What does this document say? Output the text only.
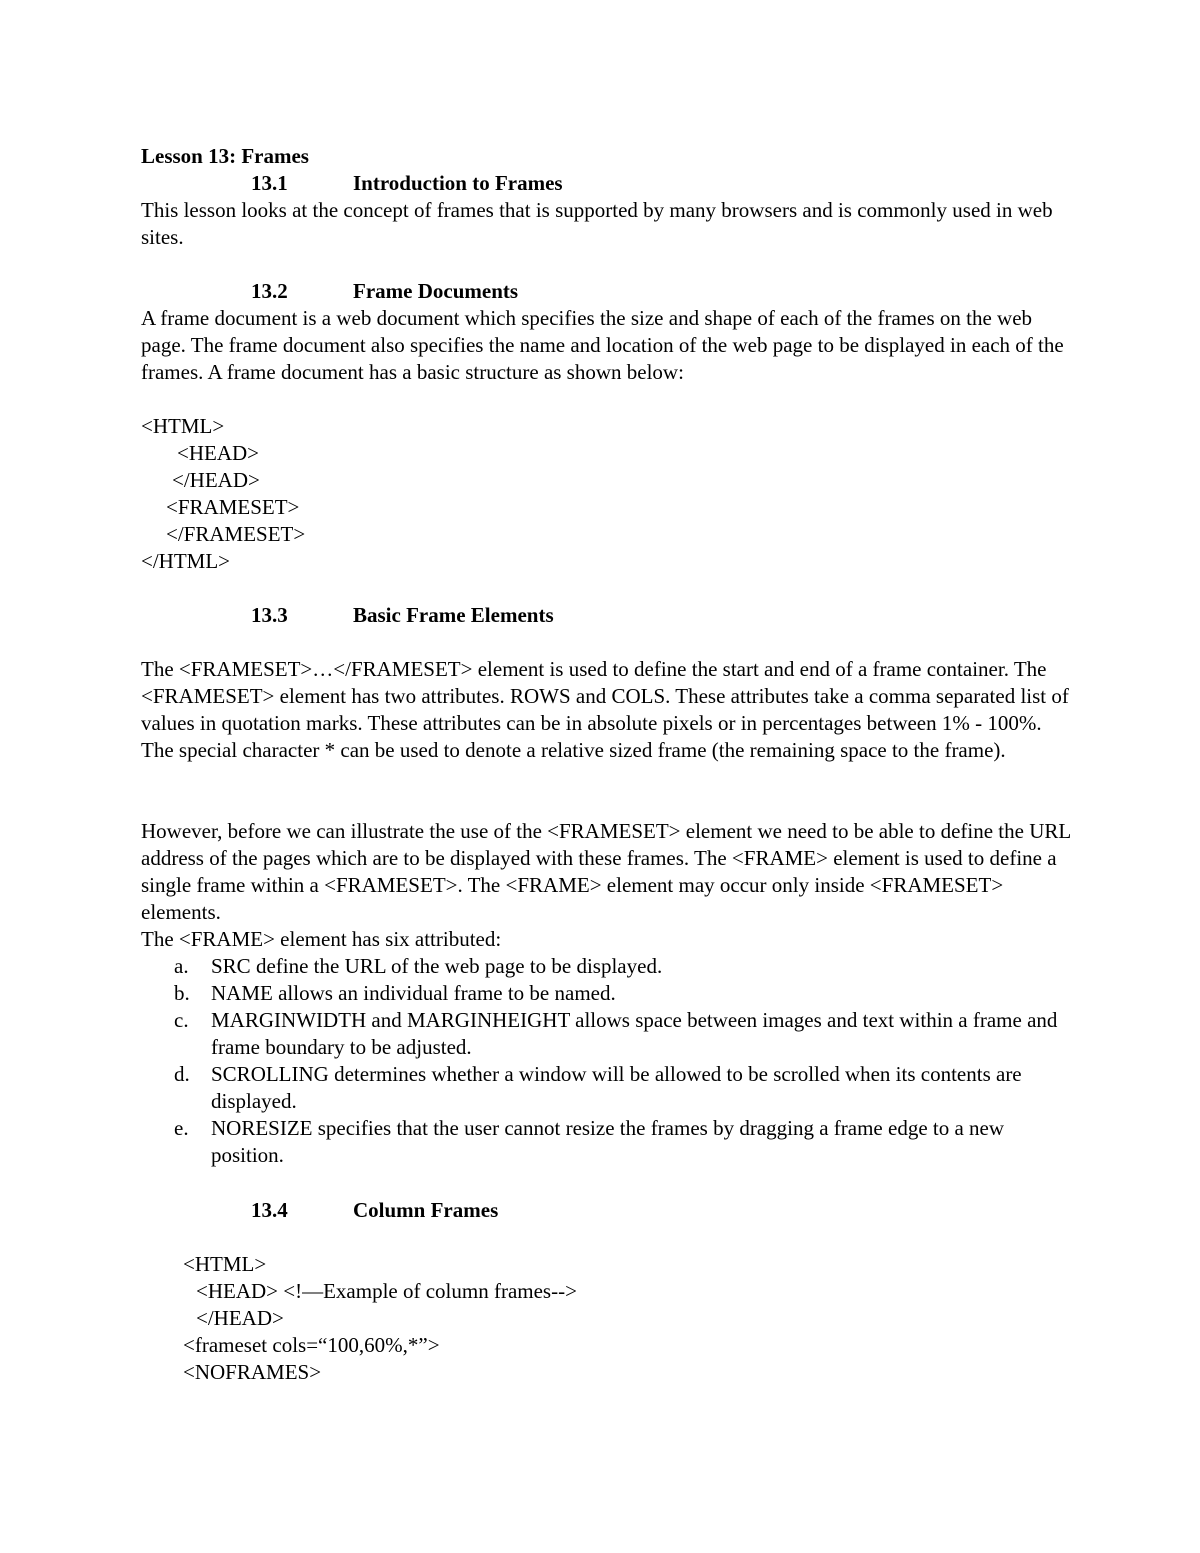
Lesson 13: Frames
13.1	Introduction to Frames
This lesson looks at the concept of frames that is supported by many browsers and is commonly used in web sites.
13.2	Frame Documents
A frame document is a web document which specifies the size and shape of each of the frames on the web page. The frame document also specifies the name and location of the web page to be displayed in each of the frames. A frame document has a basic structure as shown below:
<HTML>
<HEAD>
</HEAD>
<FRAMESET>
</FRAMESET>
</HTML>
13.3	Basic Frame Elements
The <FRAMESET>…</FRAMESET> element is used to define the start and end of a frame container. The <FRAMESET> element has two attributes. ROWS and COLS. These attributes take a comma separated list of values in quotation marks. These attributes can be in absolute pixels or in percentages between 1% - 100%. The special character * can be used to denote a relative sized frame (the remaining space to the frame).
However, before we can illustrate the use of the <FRAMESET> element we need to be able to define the URL address of the pages which are to be displayed with these frames. The <FRAME> element is used to define a single frame within a <FRAMESET>. The <FRAME> element may occur only inside <FRAMESET> elements.
The <FRAME> element has six attributed:
a. SRC define the URL of the web page to be displayed.
b. NAME allows an individual frame to be named.
c. MARGINWIDTH and MARGINHEIGHT allows space between images and text within a frame and frame boundary to be adjusted.
d. SCROLLING determines whether a window will be allowed to be scrolled when its contents are displayed.
e. NORESIZE specifies that the user cannot resize the frames by dragging a frame edge to a new position.
13.4	Column Frames
<HTML>
<HEAD> <!—Example of column frames-->
</HEAD>
<frameset cols=“100,60%,*”>
<NOFRAMES>
